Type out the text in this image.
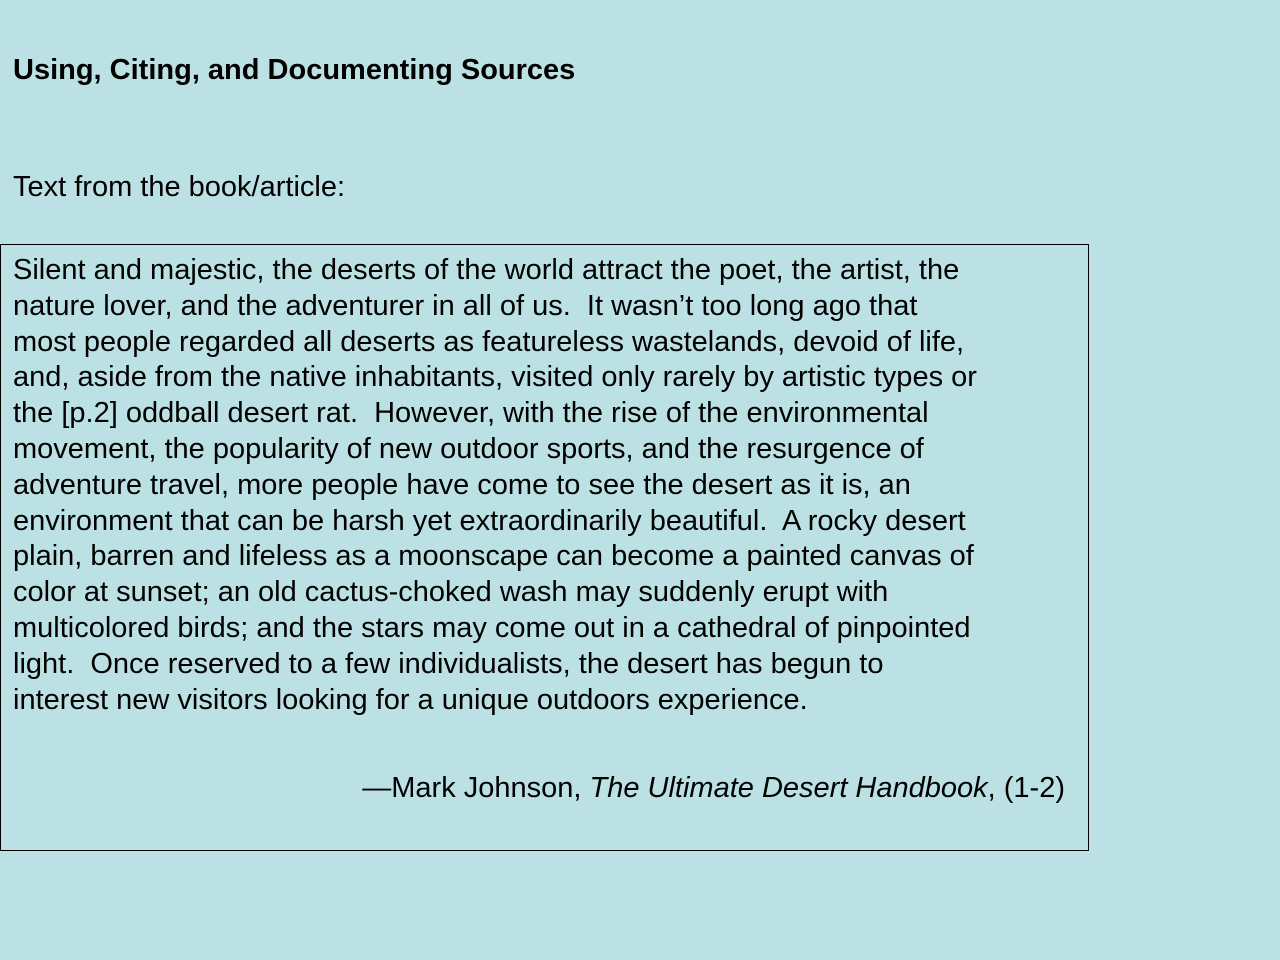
Using, Citing, and Documenting Sources
Text from the book/article:
Silent and majestic, the deserts of the world attract the poet, the artist, the
nature lover, and the adventurer in all of us.  It wasn’t too long ago that
most people regarded all deserts as featureless wastelands, devoid of life,
and, aside from the native inhabitants, visited only rarely by artistic types or
the [p.2] oddball desert rat.  However, with the rise of the environmental
movement, the popularity of new outdoor sports, and the resurgence of
adventure travel, more people have come to see the desert as it is, an
environment that can be harsh yet extraordinarily beautiful.  A rocky desert
plain, barren and lifeless as a moonscape can become a painted canvas of
color at sunset; an old cactus-choked wash may suddenly erupt with
multicolored birds; and the stars may come out in a cathedral of pinpointed
light.  Once reserved to a few individualists, the desert has begun to
interest new visitors looking for a unique outdoors experience.
—Mark Johnson, The Ultimate Desert Handbook, (1-2)
